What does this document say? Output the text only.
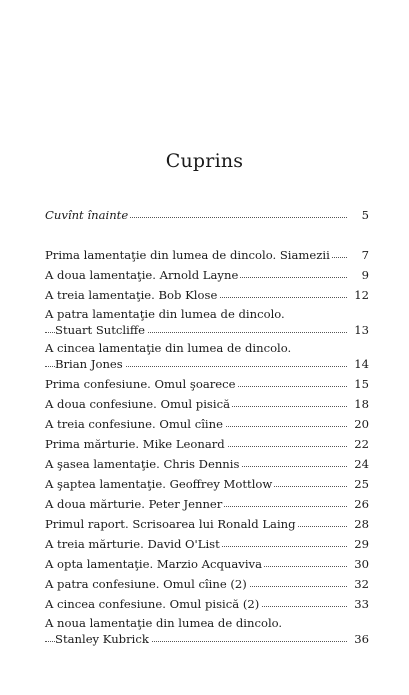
Cuprins
Cuvînt înainte	5
Prima lamentaţie din lumea de dincolo. Siamezii	7
A doua lamentaţie. Arnold Layne	9
A treia lamentaţie. Bob Klose	12
A patra lamentaţie din lumea de dincolo.
Stuart Sutcliffe	13
A cincea lamentaţie din lumea de dincolo.
Brian Jones	14
Prima confesiune. Omul şoarece	15
A doua confesiune. Omul pisică	18
A treia confesiune. Omul cîine	20
Prima mărturie. Mike Leonard	22
A şasea lamentaţie. Chris Dennis	24
A şaptea lamentaţie. Geoffrey Mottlow	25
A doua mărturie. Peter Jenner	26
Primul raport. Scrisoarea lui Ronald Laing	28
A treia mărturie. David O'List	29
A opta lamentaţie. Marzio Acquaviva	30
A patra confesiune. Omul cîine (2)	32
A cincea confesiune. Omul pisică (2)	33
A noua lamentaţie din lumea de dincolo.
Stanley Kubrick	36
